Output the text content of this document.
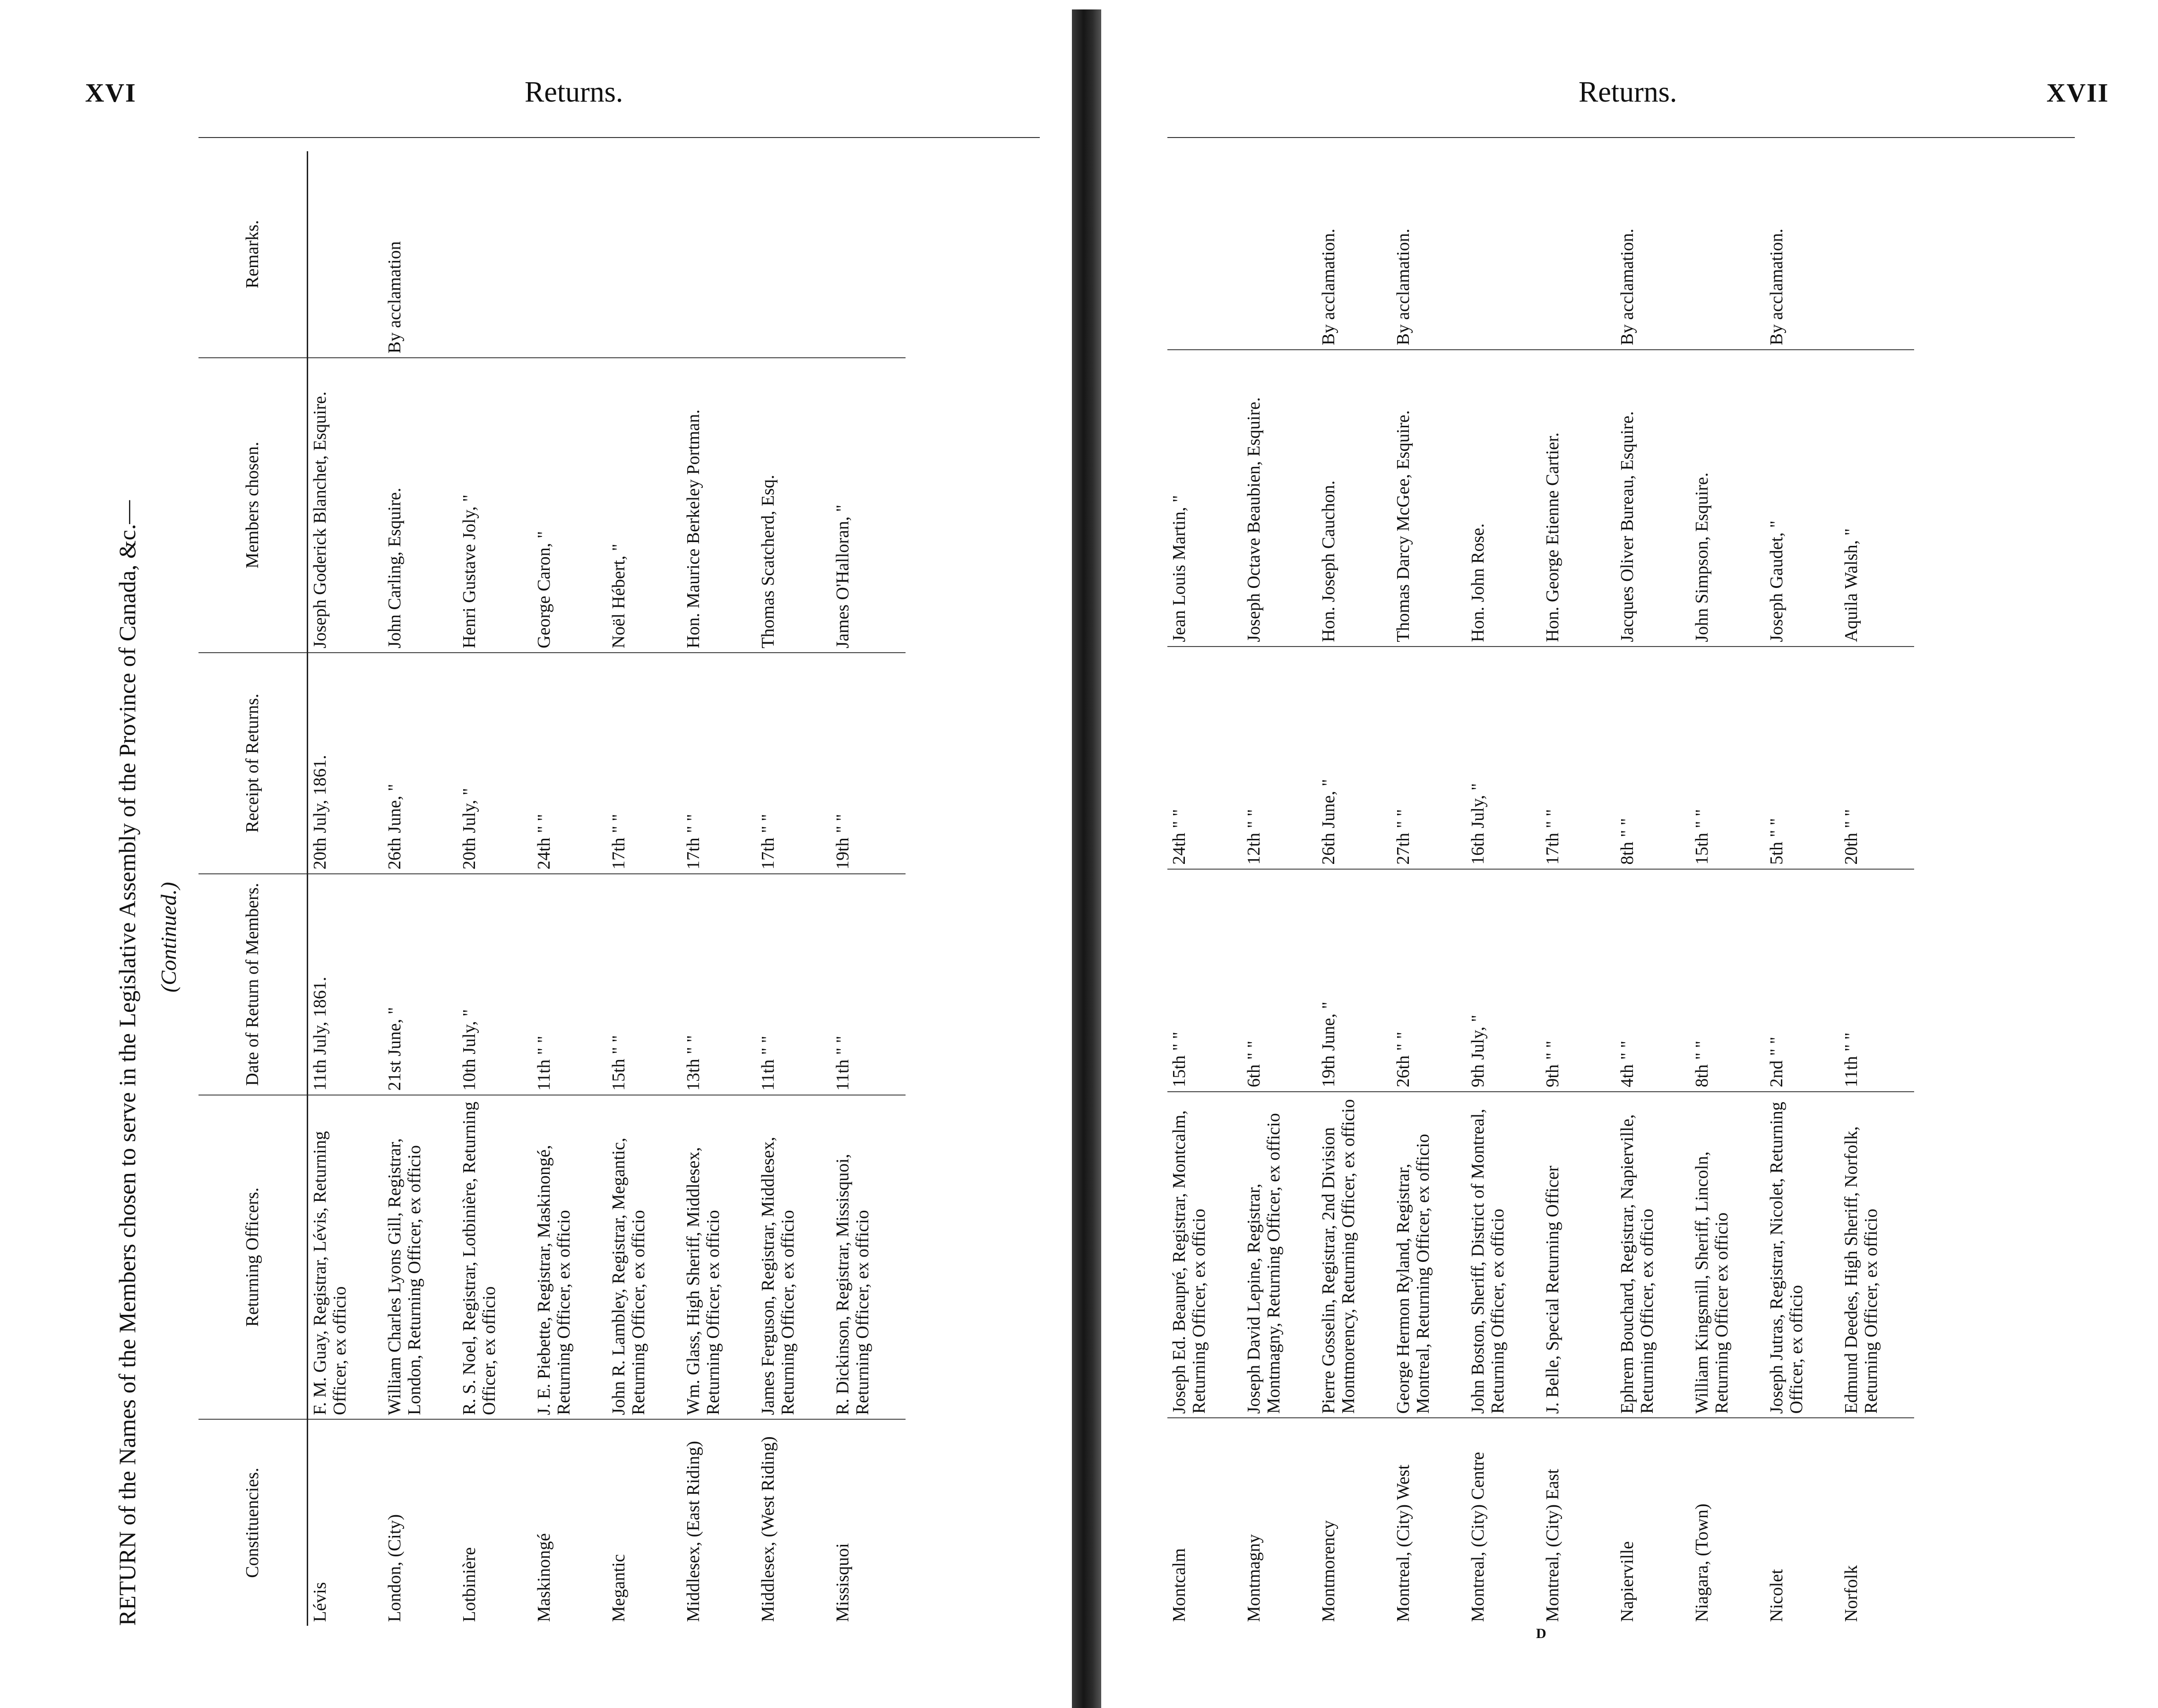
XVI	Returns.
RETURN of the Names of the Members chosen to serve in the Legislative Assembly of the Province of Canada, &c.— (Continued.)
Constituencies.	Returning Officers.	Date of Return of Members.	Receipt of Returns.	Members chosen.	Remarks.
Lévis	F. M. Guay, Registrar, Lévis, Returning Officer, ex officio	11th July, 1861.	20th July, 1861.	Joseph Goderick Blanchet, Esquire.	
London, (City)	William Charles Lyons Gill, Registrar, London, Returning Officer, ex officio	21st June, "	26th June, "	John Carling, Esquire.	By acclamation
Lotbinière	R. S. Noel, Registrar, Lotbinière, Returning Officer, ex officio	10th July, "	20th July, "	Henri Gustave Joly, "	
Maskinongé	J. E. Piebette, Registrar, Maskinongé, Returning Officer, ex officio	11th " "	24th " "	George Caron, "	
Megantic	John R. Lambley, Registrar, Megantic, Returning Officer, ex officio	15th " "	17th " "	Noël Hébert, "	
Middlesex, (East Riding)	Wm. Glass, High Sheriff, Middlesex, Returning Officer, ex officio	13th " "	17th " "	Hon. Maurice Berkeley Portman.	
Middlesex, (West Riding)	James Ferguson, Registrar, Middlesex, Returning Officer, ex officio	11th " "	17th " "	Thomas Scatcherd, Esq.	
Missisquoi	R. Dickinson, Registrar, Missisquoi, Returning Officer, ex officio	11th " "	19th " "	James O'Halloran, "	
Returns.	XVII
Montcalm	Joseph Ed. Beaupré, Registrar, Montcalm, Returning Officer, ex officio	15th " "	24th " "	Jean Louis Martin, "	
Montmagny	Joseph David Lepine, Registrar, Montmagny, Returning Officer, ex officio	6th " "	12th " "	Joseph Octave Beaubien, Esquire.	
Montmorency	Pierre Gosselin, Registrar, 2nd Division Montmorency, Returning Officer, ex officio	19th June, "	26th June, "	Hon. Joseph Cauchon.	By acclamation.
Montreal, (City) West	George Hermon Ryland, Registrar, Montreal, Returning Officer, ex officio	26th " "	27th " "	Thomas Darcy McGee, Esquire.	By acclamation.
Montreal, (City) Centre	John Boston, Sheriff, District of Montreal, Returning Officer, ex officio	9th July, "	16th July, "	Hon. John Rose.	
Montreal, (City) East	J. Belle, Special Returning Officer	9th " "	17th " "	Hon. George Etienne Cartier.	
Napierville	Ephrem Bouchard, Registrar, Napierville, Returning Officer, ex officio	4th " "	8th " "	Jacques Oliver Bureau, Esquire.	By acclamation.
Niagara, (Town)	William Kingsmill, Sheriff, Lincoln, Returning Officer ex officio	8th " "	15th " "	John Simpson, Esquire.	
Nicolet	Joseph Jutras, Registrar, Nicolet, Returning Officer, ex officio	2nd " "	5th " "	Joseph Gaudet, "	By acclamation.
Norfolk	Edmund Deedes, High Sheriff, Norfolk, Returning Officer, ex officio	11th " "	20th " "	Aquila Walsh, "	
D
